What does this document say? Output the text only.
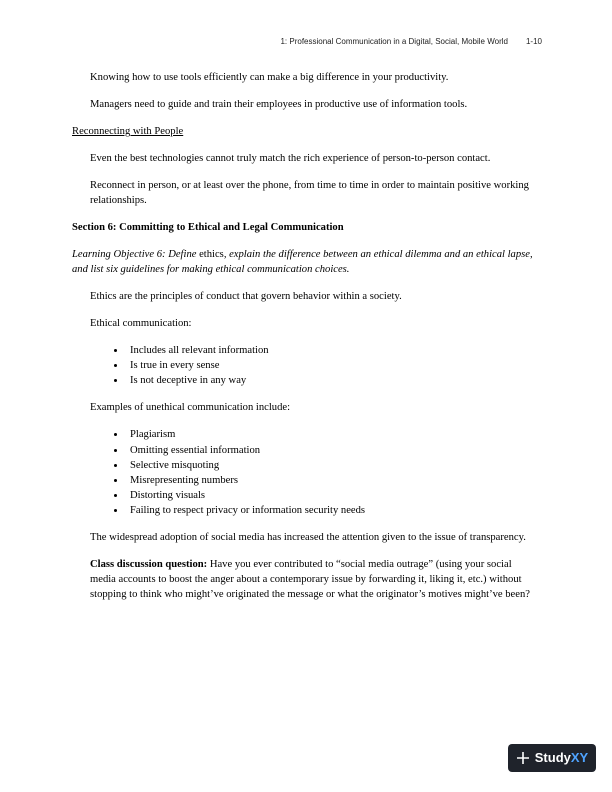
1: Professional Communication in a Digital, Social, Mobile World 1-10

Knowing how to use tools efficiently can make a big difference in your productivity.

Managers need to guide and train their employees in productive use of information tools.

Reconnecting with People

Even the best technologies cannot truly match the rich experience of person-to-person contact.

Reconnect in person, or at least over the phone, from time to time in order to maintain positive working relationships.

Section 6: Committing to Ethical and Legal Communication

Learning Objective 6: Define ethics, explain the difference between an ethical dilemma and an ethical lapse, and list six guidelines for making ethical communication choices.

Ethics are the principles of conduct that govern behavior within a society.

Ethical communication:

• Includes all relevant information
• Is true in every sense
• Is not deceptive in any way

Examples of unethical communication include:

• Plagiarism
• Omitting essential information
• Selective misquoting
• Misrepresenting numbers
• Distorting visuals
• Failing to respect privacy or information security needs

The widespread adoption of social media has increased the attention given to the issue of transparency.

Class discussion question: Have you ever contributed to “social media outrage” (using your social media accounts to boost the anger about a contemporary issue by forwarding it, liking it, etc.) without stopping to think who might’ve originated the message or what the originator’s motives might’ve been?

Study XY
